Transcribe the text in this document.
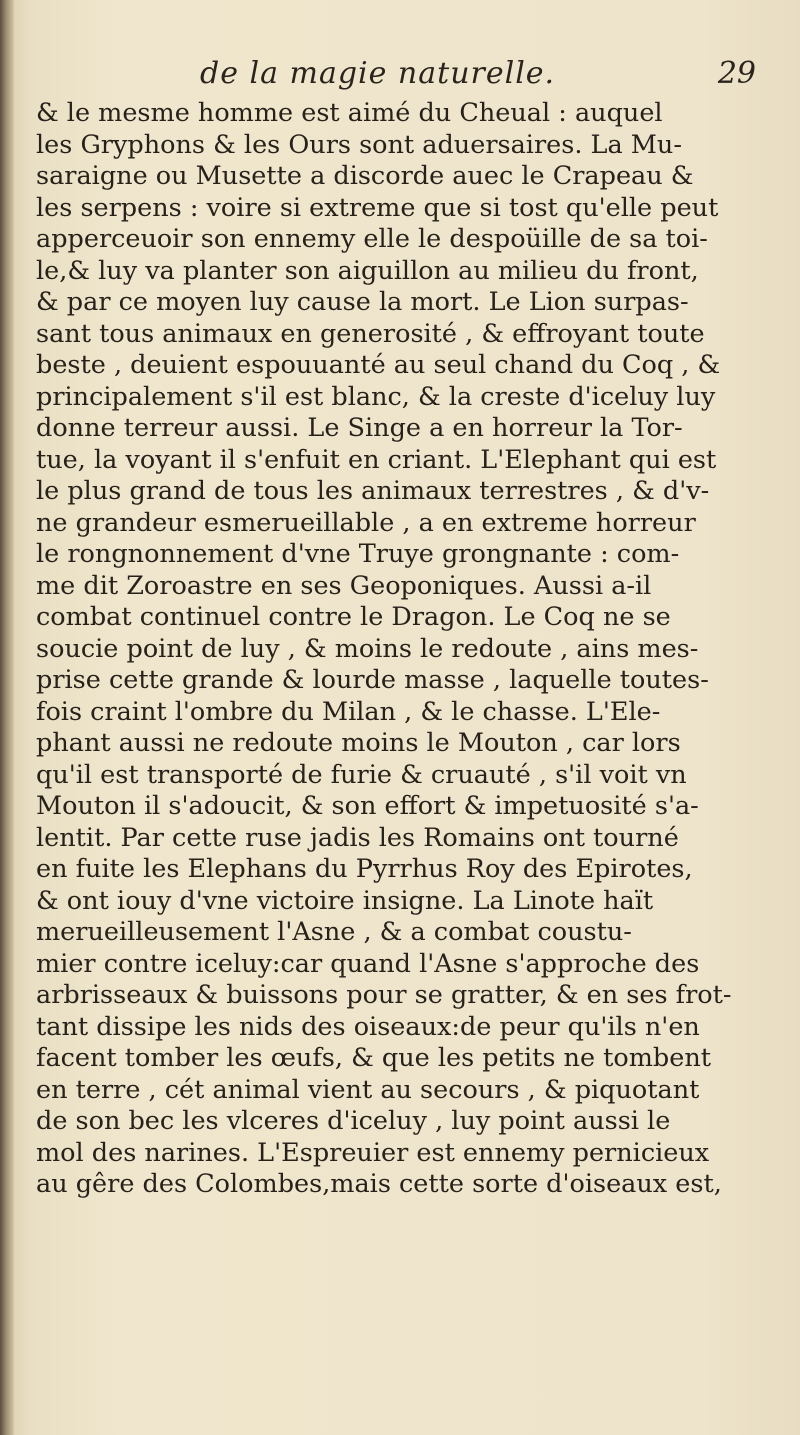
de la magie naturelle.	29
& le mesme homme est aimé du Cheual : auquel
les Gryphons & les Ours sont aduersaires. La Mu-
saraigne ou Musette a discorde auec le Crapeau &
les serpens : voire si extreme que si tost qu'elle peut
apperceuoir son ennemy elle le despoüille de sa toi-
le,& luy va planter son aiguillon au milieu du front,
& par ce moyen luy cause la mort. Le Lion surpas-
sant tous animaux en generosité , & effroyant toute
beste , deuient espouuanté au seul chand du Coq , &
principalement s'il est blanc, & la creste d'iceluy luy
donne terreur aussi. Le Singe a en horreur la Tor-
tue, la voyant il s'enfuit en criant. L'Elephant qui est
le plus grand de tous les animaux terrestres , & d'v-
ne grandeur esmerueillable , a en extreme horreur
le rongnonnement d'vne Truye grongnante : com-
me dit Zoroastre en ses Geoponiques. Aussi a-il
combat continuel contre le Dragon. Le Coq ne se
soucie point de luy , & moins le redoute , ains mes-
prise cette grande & lourde masse , laquelle toutes-
fois craint l'ombre du Milan , & le chasse. L'Ele-
phant aussi ne redoute moins le Mouton , car lors
qu'il est transporté de furie & cruauté , s'il voit vn
Mouton il s'adoucit, & son effort & impetuosité s'a-
lentit. Par cette ruse jadis les Romains ont tourné
en fuite les Elephans du Pyrrhus Roy des Epirotes,
& ont iouy d'vne victoire insigne. La Linote haït
merueilleusement l'Asne , & a combat coustu-
mier contre iceluy:car quand l'Asne s'approche des
arbrisseaux & buissons pour se gratter, & en ses frot-
tant dissipe les nids des oiseaux:de peur qu'ils n'en
facent tomber les œufs, & que les petits ne tombent
en terre , cét animal vient au secours , & piquotant
de son bec les vlceres d'iceluy , luy point aussi le
mol des narines. L'Espreuier est ennemy pernicieux
au gêre des Colombes,mais cette sorte d'oiseaux est,
